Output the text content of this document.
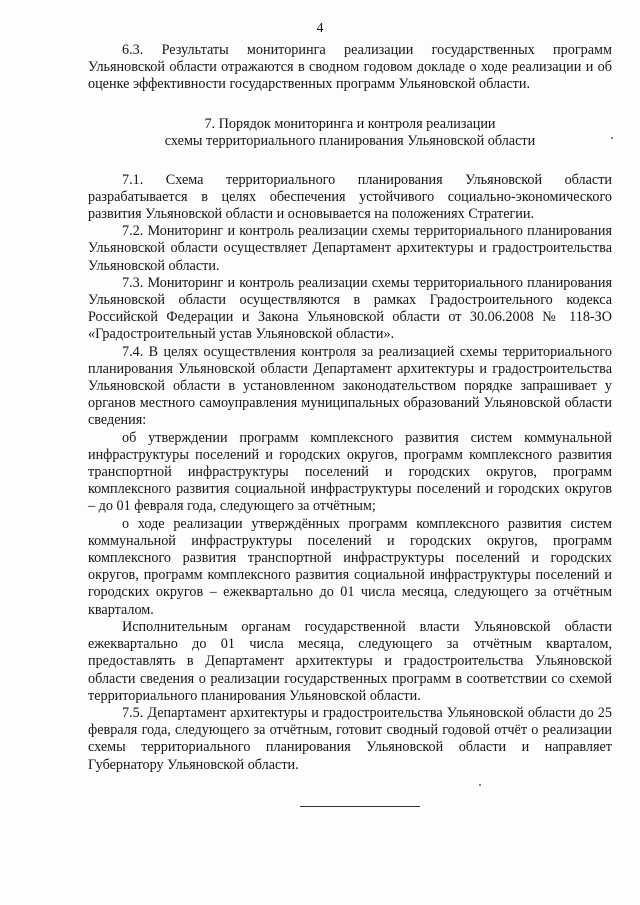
4

6.3. Результаты мониторинга реализации государственных программ Ульяновской области отражаются в сводном годовом докладе о ходе реализации и об оценке эффективности государственных программ Ульяновской области.

7. Порядок мониторинга и контроля реализации
схемы территориального планирования Ульяновской области

7.1. Схема территориального планирования Ульяновской области разрабатывается в целях обеспечения устойчивого социально-экономического развития Ульяновской области и основывается на положениях Стратегии.

7.2. Мониторинг и контроль реализации схемы территориального планирования Ульяновской области осуществляет Департамент архитектуры и градостроительства Ульяновской области.

7.3. Мониторинг и контроль реализации схемы территориального планирования Ульяновской области осуществляются в рамках Градостроительного кодекса Российской Федерации и Закона Ульяновской области от 30.06.2008 № 118-ЗО «Градостроительный устав Ульяновской области».

7.4. В целях осуществления контроля за реализацией схемы территориального планирования Ульяновской области Департамент архитектуры и градостроительства Ульяновской области в установленном законодательством порядке запрашивает у органов местного самоуправления муниципальных образований Ульяновской области сведения:

об утверждении программ комплексного развития систем коммунальной инфраструктуры поселений и городских округов, программ комплексного развития транспортной инфраструктуры поселений и городских округов, программ комплексного развития социальной инфраструктуры поселений и городских округов – до 01 февраля года, следующего за отчётным;

о ходе реализации утверждённых программ комплексного развития систем коммунальной инфраструктуры поселений и городских округов, программ комплексного развития транспортной инфраструктуры поселений и городских округов, программ комплексного развития социальной инфраструктуры поселений и городских округов – ежеквартально до 01 числа месяца, следующего за отчётным кварталом.

Исполнительным органам государственной власти Ульяновской области ежеквартально до 01 числа месяца, следующего за отчётным кварталом, предоставлять в Департамент архитектуры и градостроительства Ульяновской области сведения о реализации государственных программ в соответствии со схемой территориального планирования Ульяновской области.

7.5. Департамент архитектуры и градостроительства Ульяновской области до 25 февраля года, следующего за отчётным, готовит сводный годовой отчёт о реализации схемы территориального планирования Ульяновской области и направляет Губернатору Ульяновской области.
